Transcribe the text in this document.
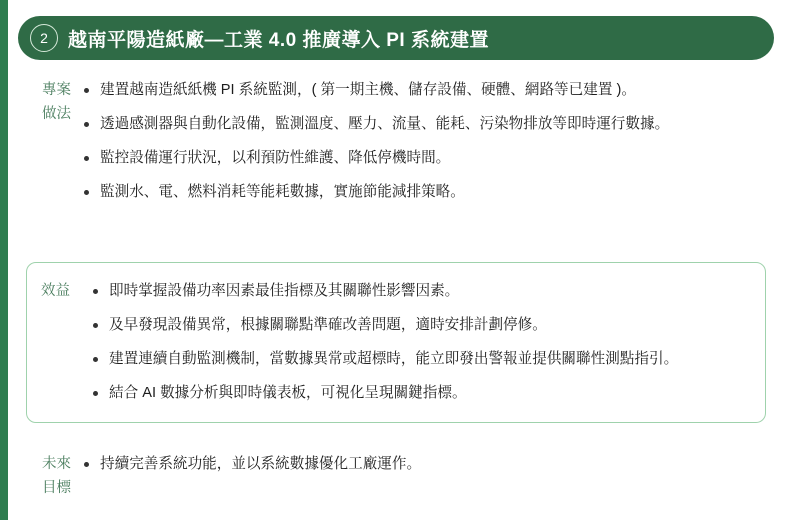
2	越南平陽造紙廠—工業 4.0 推廣導入 PI 系統建置
專案
做法
建置越南造紙紙機 PI 系統監測，( 第一期主機、儲存設備、硬體、網路等已建置 )。
透過感測器與自動化設備，監測溫度、壓力、流量、能耗、污染物排放等即時運行數據。
監控設備運行狀況，以利預防性維護、降低停機時間。
監測水、電、燃料消耗等能耗數據，實施節能減排策略。
效益	即時掌握設備功率因素最佳指標及其關聯性影響因素。
及早發現設備異常，根據關聯點準確改善問題，適時安排計劃停修。
建置連續自動監測機制，當數據異常或超標時，能立即發出警報並提供關聯性測點指引。
結合 AI 數據分析與即時儀表板，可視化呈現關鍵指標。
未來
目標
持續完善系統功能，並以系統數據優化工廠運作。
